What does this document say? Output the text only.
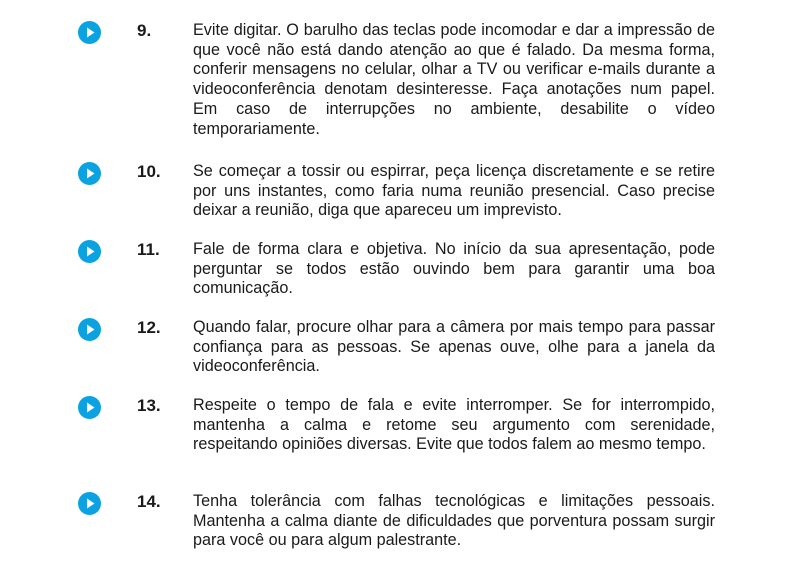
9.	Evite digitar. O barulho das teclas pode incomodar e dar a impressão de que você não está dando atenção ao que é falado. Da mesma forma, conferir mensagens no celular, olhar a TV ou verificar e-mails durante a videoconferência denotam desinteresse. Faça anotações num papel. Em caso de interrupções no ambiente, desabilite o vídeo temporariamente.
10. Se começar a tossir ou espirrar, peça licença discretamente e se retire por uns instantes, como faria numa reunião presencial. Caso precise deixar a reunião, diga que apareceu um imprevisto.
11. Fale de forma clara e objetiva. No início da sua apresentação, pode perguntar se todos estão ouvindo bem para garantir uma boa comunicação.
12. Quando falar, procure olhar para a câmera por mais tempo para passar confiança para as pessoas. Se apenas ouve, olhe para a janela da videoconferência.
13. Respeite o tempo de fala e evite interromper. Se for interrompido, mantenha a calma e retome seu argumento com serenidade, respeitando opiniões diversas. Evite que todos falem ao mesmo tempo.
14. Tenha tolerância com falhas tecnológicas e limitações pessoais. Mantenha a calma diante de dificuldades que porventura possam surgir para você ou para algum palestrante.
